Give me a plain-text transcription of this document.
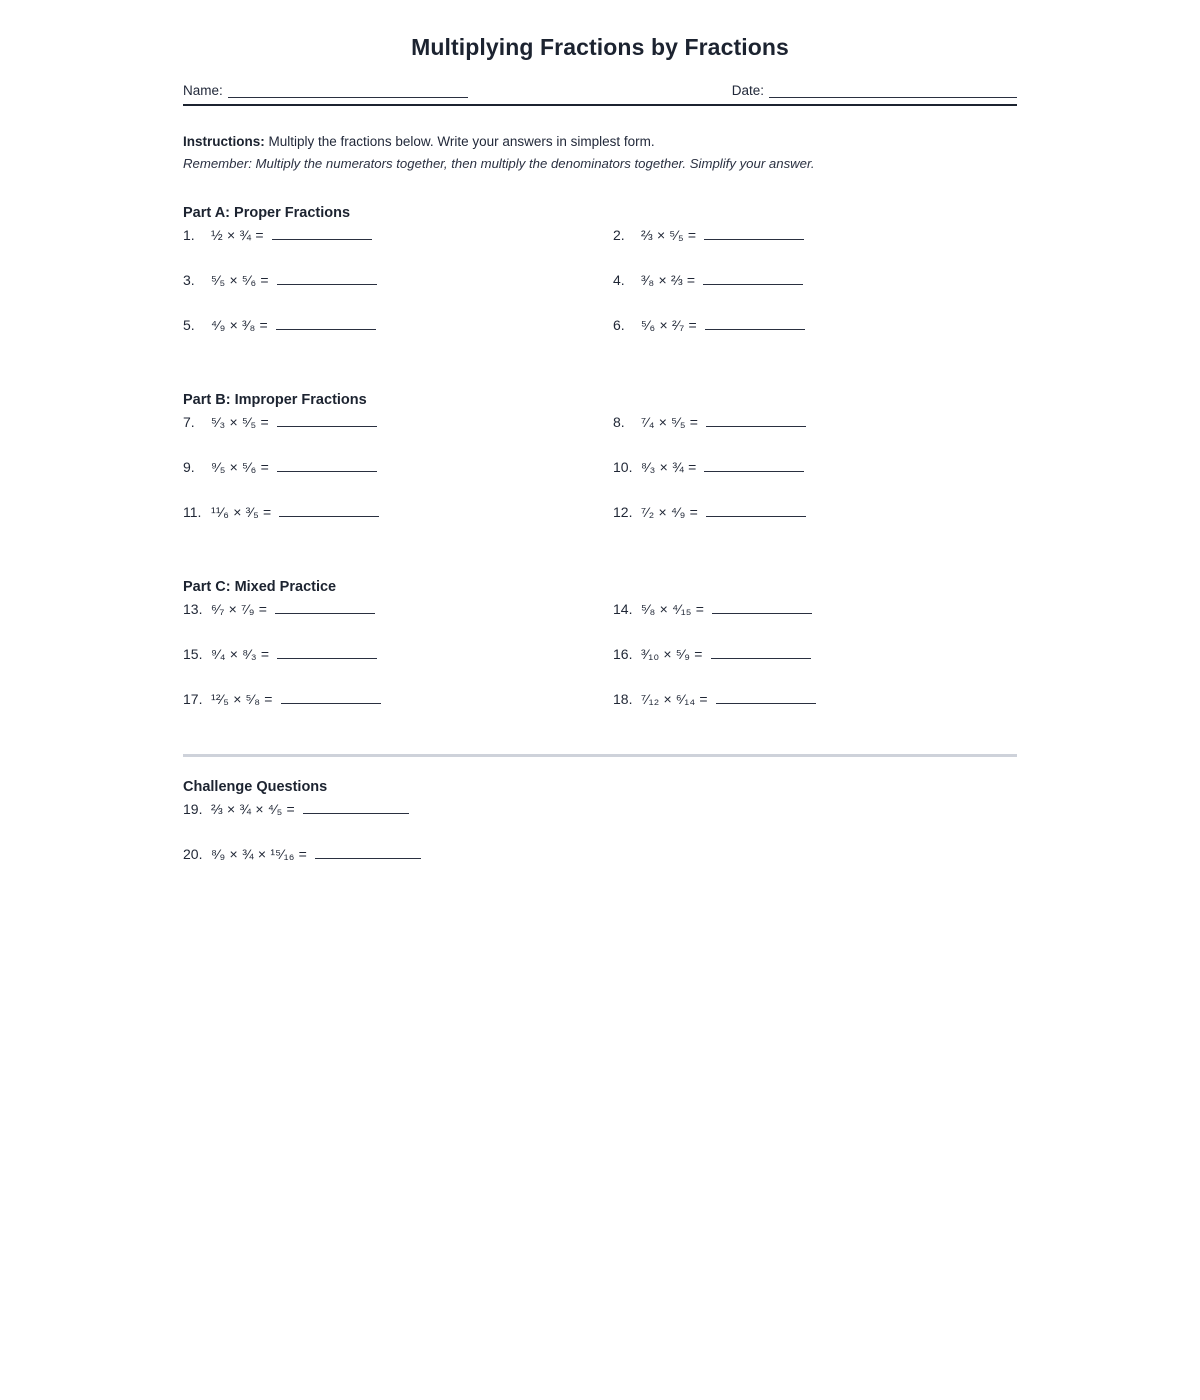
Multiplying Fractions by Fractions
Name:	Date:
Instructions: Multiply the fractions below. Write your answers in simplest form.
Remember: Multiply the numerators together, then multiply the denominators together. Simplify your answer.
Part A: Proper Fractions
1.	½ × ¾ =	2.	⅔ × ⁵⁄₅ =
3.	⁵⁄₅ × ⁵⁄₆ =	4.	³⁄₈ × ⅔ =
5.	⁴⁄₉ × ³⁄₈ =	6.	⁵⁄₆ × ²⁄₇ =
Part B: Improper Fractions
7.	⁵⁄₃ × ⁵⁄₅ =	8.	⁷⁄₄ × ⁵⁄₅ =
9.	⁹⁄₅ × ⁵⁄₆ =	10. ⁸⁄₃ × ¾ =
11. ¹¹⁄₆ × ³⁄₅ =	12. ⁷⁄₂ × ⁴⁄₉ =
Part C: Mixed Practice
13. ⁶⁄₇ × ⁷⁄₉ =	14. ⁵⁄₈ × ⁴⁄₁₅ =
15. ⁹⁄₄ × ⁸⁄₃ =	16. ³⁄₁₀ × ⁵⁄₉ =
17. ¹²⁄₅ × ⁵⁄₈ =	18. ⁷⁄₁₂ × ⁶⁄₁₄ =
Challenge Questions
19. ⅔ × ¾ × ⁴⁄₅ =
20. ⁸⁄₉ × ¾ × ¹⁵⁄₁₆ =
